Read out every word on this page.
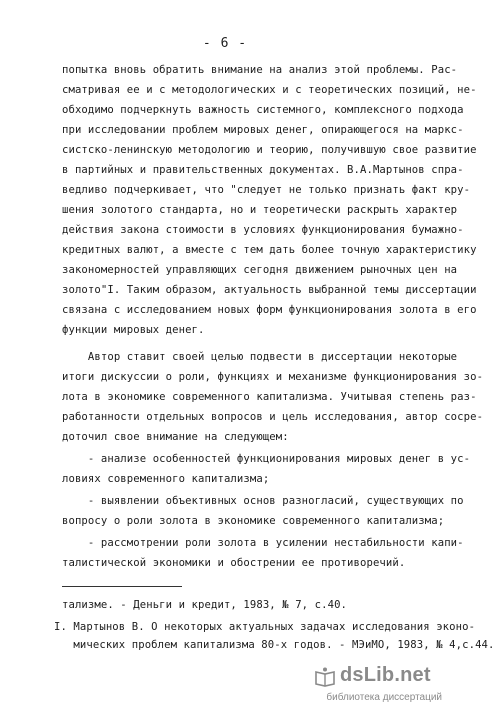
- 6 -
попытка вновь обратить внимание на анализ этой проблемы. Рас-
сматривая ее и с методологических и с теоретических позиций, не-
обходимо подчеркнуть важность системного, комплексного подхода
при исследовании проблем мировых денег, опирающегося на маркс-
систско-ленинскую методологию и теорию, получившую свое развитие
в партийных и правительственных документах. В.А.Мартынов спра-
ведливо подчеркивает, что "следует не только признать факт кру-
шения золотого стандарта, но и теоретически раскрыть характер
действия закона стоимости в условиях функционирования бумажно-
кредитных валют, а вместе с тем дать более точную характеристику
закономерностей управляющих сегодня движением рыночных цен на
золото"I. Таким образом, актуальность выбранной темы диссертации
связана с исследованием новых форм функционирования золота в его
функции мировых денег.
Автор ставит своей целью подвести в диссертации некоторые
итоги дискуссии о роли, функциях и механизме функционирования зо-
лота в экономике современного капитализма. Учитывая степень раз-
работанности отдельных вопросов и цель исследования, автор сосре-
доточил свое внимание на следующем:
- анализе особенностей функционирования мировых денег в ус-
ловиях современного капитализма;
- выявлении объективных основ разногласий, существующих по
вопросу о роли золота в экономике современного капитализма;
- рассмотрении роли золота в усилении нестабильности капи-
талистической экономики и обострении ее противоречий.
тализме. - Деньги и кредит, 1983, № 7, с.40.
I. Мартынов В. О некоторых актуальных задачах исследования эконо-
мических проблем капитализма 80-х годов. - МЭиМО, 1983, № 4,с.44.
dsLib.net
библиотека диссертаций
